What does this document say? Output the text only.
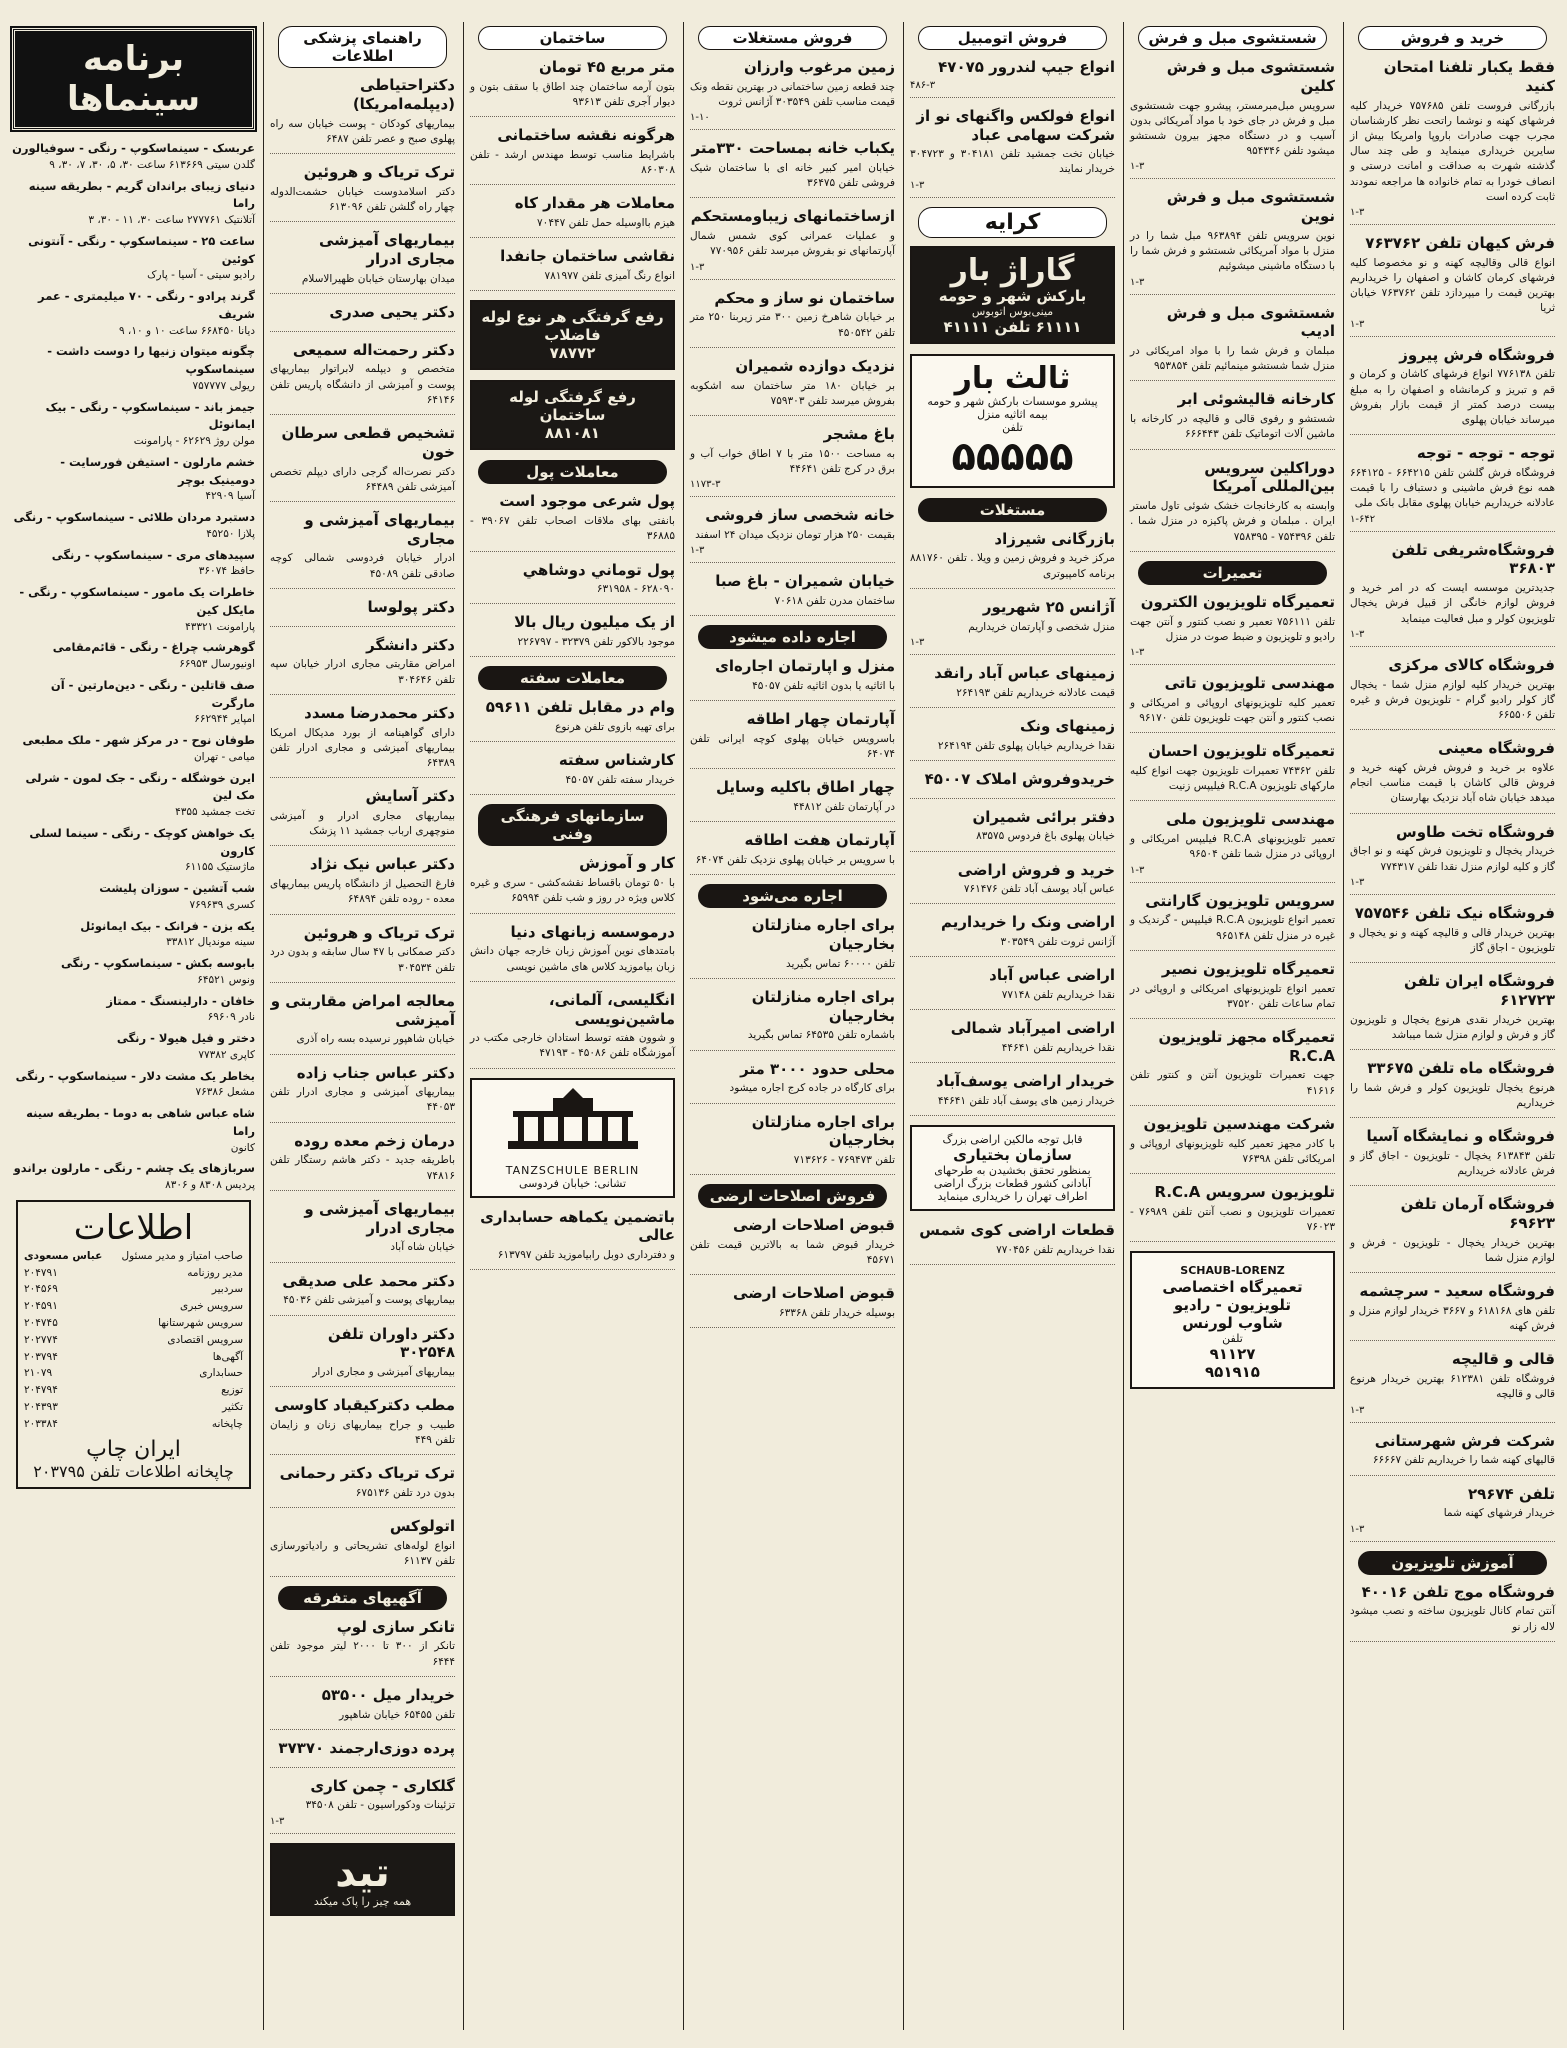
خرید و فروش
فقط یکبار تلفنا امتحان کنید

بازرگانی فروست تلفن ۷۵۷۶۸۵ خریدار کلیه فرشهای کهنه و نوشما راتحت نظر کارشناسان مجرب جهت صادرات باروپا وامریکا بیش از سایرین خریداری مینماید و طی چند سال گذشته شهرت به صداقت و امانت درستی و انصاف خودرا به تمام خانواده ها مراجعه نمودند ثابت کرده است

۱-۳
فرش کیهان تلفن ۷۶۳۷۶۲

انواع قالی وقالیچه کهنه و نو مخصوصا کلیه فرشهای کرمان کاشان و اصفهان را خریداریم بهترین قیمت را میپردازد تلفن ۷۶۳۷۶۲ خیابان ثریا

۱-۳
فروشگاه فرش پیروز

تلفن ۷۷۶۱۳۸ انواع فرشهای کاشان و کرمان و قم و تبریز و کرمانشاه و اصفهان را به مبلغ بیست درصد کمتر از قیمت بازار بفروش میرساند خیابان پهلوی

توجه - توجه - توجه

فروشگاه فرش گلشن تلفن ۶۶۴۲۱۵ - ۶۶۴۱۲۵ همه نوع فرش ماشینی و دستباف را با قیمت عادلانه خریداریم خیابان پهلوی مقابل بانک ملی

۱-۶۴۲
فروشگاه‌شریفی تلفن ۳۶۸۰۳

جدیدترین موسسه ایست که در امر خرید و فروش لوازم خانگی از قبیل فرش یخچال تلویزیون کولر و مبل فعالیت مینماید

۱-۳
فروشگاه کالای مرکزی

بهترین خریدار کلیه لوازم منزل شما - یخچال گاز کولر رادیو گرام - تلویزیون فرش و غیره تلفن ۶۶۵۵۰۶

فروشگاه معینی

علاوه بر خرید و فروش فرش کهنه خرید و فروش قالی کاشان با قیمت مناسب انجام میدهد خیابان شاه آباد نزدیک بهارستان

فروشگاه تخت طاوس

خریدار یخچال و تلویزیون فرش کهنه و نو اجاق گاز و کلیه لوازم منزل نقدا تلفن ۷۷۴۳۱۷

۱-۳
فروشگاه نیک تلفن ۷۵۷۵۴۶

بهترین خریدار قالی و قالیچه کهنه و نو یخچال و تلویزیون - اجاق گاز

فروشگاه ایران تلفن ۶۱۲۷۲۳

بهترین خریدار نقدی هرنوع یخچال و تلویزیون گاز و فرش و لوازم منزل شما میباشد

فروشگاه ماه تلفن ۳۳۶۷۵

هرنوع یخچال تلویزیون کولر و فرش شما را خریداریم

فروشگاه و نمایشگاه آسیا

تلفن ۶۱۳۸۴۳ یخچال - تلویزیون - اجاق گاز و فرش عادلانه خریداریم

فروشگاه آرمان تلفن ۶۹۶۲۳

بهترین خریدار یخچال - تلویزیون - فرش و لوازم منزل شما

فروشگاه سعید - سرچشمه

تلفن های ۶۱۸۱۶۸ و ۳۶۶۷ خریدار لوازم منزل و فرش کهنه

قالی و قالیچه

فروشگاه تلفن ۶۱۲۳۸۱ بهترین خریدار هرنوع قالی و قالیچه

۱-۳
شرکت فرش شهرستانی

قالیهای کهنه شما را خریداریم تلفن ۶۶۶۶۷

تلفن ۲۹۶۷۴

خریدار فرشهای کهنه شما

۱-۳
آموزش تلویزیون
فروشگاه موج تلفن ۴۰۰۱۶

آنتن تمام کانال تلویزیون ساخته و نصب میشود لاله زار نو

شستشوی مبل و فرش
شستشوی مبل و فرش کلین

سرویس مبل‌مبرمستر، پیشرو جهت شستشوی مبل و فرش در جای خود با مواد آمریکائی بدون آسیب و در دستگاه مجهز بیرون شستشو میشود تلفن ۹۵۴۳۴۶

۱-۳
شستشوی مبل و فرش نوین

نوین سرویس تلفن ۹۶۳۸۹۴ مبل شما را در منزل با مواد آمریکائی شستشو و فرش شما را با دستگاه ماشینی میشوئیم

۱-۳
شستشوی مبل و فرش ادیب

مبلمان و فرش شما را با مواد امریکائی در منزل شما شستشو مینمائیم تلفن ۹۵۳۸۵۴

کارخانه قالیشوئی ابر

شستشو و رفوی قالی و قالیچه در کارخانه با ماشین آلات اتوماتیک تلفن ۶۶۶۴۴۳

دوراکلین سرویس بین‌المللی آمریکا

وابسته به کارخانجات خشک شوئی تاول ماستر ایران . مبلمان و فرش پاکیزه در منزل شما . تلفن ۷۵۴۳۹۶ - ۷۵۸۳۹۵

تعمیرات
تعمیرگاه تلویزیون الکترون

تلفن ۷۵۶۱۱۱ تعمیر و نصب کنتور و آنتن جهت رادیو و تلویزیون و ضبط صوت در منزل

۱-۳
مهندسی تلویزیون تاتی

تعمیر کلیه تلویزیونهای اروپائی و امریکائی و نصب کنتور و آنتن جهت تلویزیون تلفن ۹۶۱۷۰

تعمیرگاه تلویزیون احسان

تلفن ۷۴۳۶۲ تعمیرات تلویزیون جهت انواع کلیه مارکهای تلویزیون R.C.A فیلیپس زنیت

مهندسی تلویزیون ملی

تعمیر تلویزیونهای R.C.A فیلیپس امریکائی و اروپائی در منزل شما تلفن ۹۶۵۰۴

۱-۳
سرویس تلویزیون گارانتی

تعمیر انواع تلویزیون R.C.A فیلیپس - گرندیک و غیره در منزل تلفن ۹۶۵۱۴۸

تعمیرگاه تلویزیون نصیر

تعمیر انواع تلویزیونهای امریکائی و اروپائی در تمام ساعات تلفن ۳۷۵۲۰

تعمیرگاه مجهز تلویزیون R.C.A

جهت تعمیرات تلویزیون آنتن و کنتور تلفن ۴۱۶۱۶

شرکت مهندسین تلویزیون

با کادر مجهز تعمیر کلیه تلویزیونهای اروپائی و امریکائی تلفن ۷۶۳۹۸

تلویزیون سرویس R.C.A

تعمیرات تلویزیون و نصب آنتن تلفن ۷۶۹۸۹ - ۷۶۰۲۳

SCHAUB-LORENZ
تعمیرگاه اختصاصی
تلویزیون - رادیو
شاوب لورنس
تلفن
۹۱۱۲۷
۹۵۱۹۱۵
فروش اتومبیل
انواع جیپ لندرور ۴۷۰۷۵
۴۸۶-۳
انواع فولکس واگنهای نو از شرکت سهامی عباد

خیابان تخت جمشید تلفن ۳۰۴۱۸۱ و ۳۰۴۷۲۳ خریدار نمایند

۱-۳
کرایه
گاراژ بار
بارکش شهر و حومه
مینی‌بوس اتوبوس
۶۱۱۱۱ تلفن ۴۱۱۱۱
ثالث بار
پیشرو موسسات بارکش شهر و حومه
بیمه اثاثیه منزل
تلفن
۵۵۵۵۵
مستغلات
بازرگانی شیرزاد

مرکز خرید و فروش زمین و ویلا . تلفن ۸۸۱۷۶۰ برنامه کامپیوتری

آژانس ۲۵ شهریور

منزل شخصی و آپارتمان خریداریم

۱-۳
زمینهای عباس آباد رانقد

قیمت عادلانه خریداریم تلفن ۲۶۴۱۹۳

زمینهای ونک

نقدا خریداریم خیابان پهلوی تلفن ۲۶۴۱۹۴

خریدوفروش املاک ۴۵۰۰۷
دفتر برائی شمیران

خیابان پهلوی باغ فردوس ۸۳۵۷۵

خرید و فروش اراضی

عباس آباد یوسف آباد تلفن ۷۶۱۴۷۶

اراضی ونک را خریداریم

آژانس ثروت تلفن ۳۰۳۵۴۹

اراضی عباس آباد

نقدا خریداریم تلفن ۷۷۱۴۸

اراضی امیرآباد شمالی

نقدا خریداریم تلفن ۴۴۶۴۱

خریدار اراضی یوسف‌آباد

خریدار زمین های یوسف آباد تلفن ۴۴۶۴۱

قابل توجه مالکین اراضی بزرگ
سازمان بختیاری
بمنظور تحقق بخشیدن به طرحهای آبادانی کشور قطعات بزرگ اراضی اطراف تهران را خریداری مینماید
قطعات اراضی کوی شمس

نقدا خریداریم تلفن ۷۷۰۴۵۶

فروش مستغلات
زمین مرغوب وارزان

چند قطعه زمین ساختمانی در بهترین نقطه ونک قیمت مناسب تلفن ۳۰۳۵۴۹ آژانس ثروت

۱-۱۰
یکباب خانه بمساحت ۳۳۰متر

خیابان امیر کبیر خانه ای با ساختمان شیک فروشی تلفن ۳۶۴۷۵

ازساختمانهای زیباومستحکم

و عملیات عمرانی کوی شمس شمال آپارتمانهای نو بفروش میرسد تلفن ۷۷۰۹۵۶

۱-۳
ساختمان نو ساز و محکم

بر خیابان شاهرخ زمین ۳۰۰ متر زیربنا ۲۵۰ متر تلفن ۴۵۰۵۴۲

نزدیک دوازده شمیران

بر خیابان ۱۸۰ متر ساختمان سه اشکوبه بفروش میرسد تلفن ۷۵۹۳۰۳

باغ مشجر

به مساحت ۱۵۰۰ متر با ۷ اطاق خواب آب و برق در کرج تلفن ۴۴۶۴۱

۱۱۷۳-۳
خانه شخصی ساز فروشی

بقیمت ۲۵۰ هزار تومان نزدیک میدان ۲۴ اسفند

۱-۳
خیابان شمیران - باغ صبا

ساختمان مدرن تلفن ۷۰۶۱۸

اجاره داده میشود
منزل و اپارتمان اجاره‌ای

با اثاثیه یا بدون اثاثیه تلفن ۴۵۰۵۷

آپارتمان چهار اطاقه

باسرویس خیابان پهلوی کوچه ایرانی تلفن ۶۴۰۷۴

چهار اطاق باکلیه وسایل

در آپارتمان تلفن ۴۴۸۱۲

آپارتمان هفت اطاقه

با سرویس بر خیابان پهلوی نزدیک تلفن ۶۴۰۷۴

اجاره می‌شود
برای اجاره منازلتان بخارجیان

تلفن ۶۰۰۰۰ تماس بگیرید

برای اجاره منازلتان بخارجیان

باشماره تلفن ۶۴۵۳۵ تماس بگیرید

محلی حدود ۳۰۰۰ متر

برای کارگاه در جاده کرج اجاره میشود

برای اجاره منازلتان بخارجیان

تلفن ۷۶۹۴۷۳ - ۷۱۳۶۲۶

فروش اصلاحات ارضی
قبوض اصلاحات ارضی

خریدار قبوض شما به بالاترین قیمت تلفن ۴۵۶۷۱

قبوض اصلاحات ارضی

بوسیله خریدار تلفن ۶۳۳۶۸

ساختمان
متر مربع ۴۵ تومان

بتون آرمه ساختمان چند اطاق با سقف بتون و دیوار آجری تلفن ۹۳۶۱۳

هرگونه نقشه ساختمانی

باشرایط مناسب توسط مهندس ارشد - تلفن ۸۶۰۳۰۸

معاملات هر مقدار کاه

هیزم بااوسیله حمل تلفن ۷۰۴۴۷

نقاشی ساختمان جانفدا

انواع رنگ آمیزی تلفن ۷۸۱۹۷۷

رفع گرفتگی هر نوع لوله فاضلاب
۷۸۷۷۲
رفع گرفتگی لوله ساختمان
۸۸۱۰۸۱
معاملات پول
پول شرعی موجود است

بانفتی بهای ملاقات اصحاب تلفن ۳۹۰۶۷ - ۳۶۸۸۵

پول توماني دوشاهي

۶۲۸۰۹۰ - ۶۳۱۹۵۸

از یک میلیون ریال بالا

موجود بالاکور تلفن ۳۲۳۷۹ - ۲۲۶۷۹۷

معاملات سفته
وام در مقابل تلفن ۵۹۶۱۱

برای تهیه بازوی تلفن هرنوع

کارشناس سفته

خریدار سفته تلفن ۴۵۰۵۷

سازمانهای فرهنگی وفنی
کار و آموزش

با ۵۰ تومان باقساط نقشه‌کشی - سری و غیره کلاس ویژه در روز و شب تلفن ۶۵۹۹۴

درموسسه زبانهای دنیا

بامتدهای نوین آموزش زبان خارجه جهان دانش زبان بیاموزید کلاس های ماشین نویسی

انگلیسی، آلمانی، ماشین‌نویسی

و شوون هفته توسط استادان خارجی مکتب در آموزشگاه تلفن ۴۵۰۸۶ - ۴۷۱۹۳

TANZSCHULE BERLIN
تشانی: خیابان فردوسی
باتضمین یکماهه حسابداری عالی

و دفترداری دوبل رابیاموزید تلفن ۶۱۳۷۹۷

راهنمای پزشکی اطلاعات
دکتراحتیاطی (دیپلمه‌امریکا)

بیماریهای کودکان - پوست خیابان سه راه پهلوی صبح و عصر تلفن ۶۴۸۷

ترک تریاک و هروئین

دکتر اسلامدوست خیابان حشمت‌الدوله چهار راه گلشن تلفن ۶۱۳۰۹۶

بیماریهای آمیزشی مجاری ادرار

میدان بهارستان خیابان ظهیرالاسلام

دکتر یحیی صدری
دکتر رحمت‌اله سمیعی

متخصص و دیپلمه لابراتوار بیماریهای پوست و آمیزشی از دانشگاه پاریس تلفن ۶۴۱۴۶

تشخیص قطعی سرطان خون

دکتر نصرت‌اله گرجی دارای دیپلم تخصص آمیزشی تلفن ۶۴۴۸۹

بیماریهای آمیزشی و مجاری

ادرار خیابان فردوسی شمالی کوچه صادقی تلفن ۴۵۰۸۹

دکتر پولوسا
دکتر دانشگر

امراض مقاربتی مجاری ادرار خیابان سپه تلفن ۳۰۴۶۴۶

دکتر محمدرضا مسدد

دارای گواهینامه از بورد مدیکال امریکا بیماریهای آمیزشی و مجاری ادرار تلفن ۶۴۳۸۹

دکتر آسایش

بیماریهای مجاری ادرار و آمیزشی منوچهری ارباب جمشید ۱۱ پزشک

دکتر عباس نیک نژاد

فارغ التحصیل از دانشگاه پاریس بیماریهای معده - روده تلفن ۶۴۸۹۴

ترک تریاک و هروئین

دکتر صمکانی با ۴۷ سال سابقه و بدون درد تلفن ۳۰۴۵۳۴

معالجه امراض مقاربتی و آمیزشی

خیابان شاهپور نرسیده بسه راه آذری

دکتر عباس جناب زاده

بیماریهای آمیزشی و مجاری ادرار تلفن ۴۴۰۵۳

درمان زخم معده روده

باطریقه جدید - دکتر هاشم رستگار تلفن ۷۴۸۱۶

بیماریهای آمیزشی و مجاری ادرار

خیابان شاه آباد

دکتر محمد علی صدیقی

بیماریهای پوست و آمیزشی تلفن ۴۵۰۳۶

دکتر داوران تلفن ۳۰۲۵۴۸

بیماریهای آمیزشی و مجاری ادرار

مطب دکترکیقباد کاوسی

طبیب و جراح بیماریهای زنان و زایمان تلفن ۴۴۹

ترک تریاک دکتر رحمانی

بدون درد تلفن ۶۷۵۱۳۶

اتولوکس

انواع لوله‌های تشریحاتی و رادیاتورسازی تلفن ۶۱۱۳۷

آگهیهای متفرقه
تانکر سازی لوپ

تانکر از ۳۰۰ تا ۲۰۰۰ لیتر موجود تلفن ۶۴۴۴

خریدار میل ۵۳۵۰۰

تلفن ۶۵۴۵۵ خیابان شاهپور

پرده دوزی‌ارجمند ۳۷۳۷۰
گلکاری - چمن کاری

تزئینات ودکوراسیون - تلفن ۳۴۵۰۸

۱-۳
تید
همه چیز را پاک میکند
برنامه سینماها

عربسک - سینماسکوپ - رنگی - سوفیالورن
گلدن سیتی ۶۱۳۶۶۹ ساعت ۳۰، ۵، ۳۰، ۷، ۳۰، ۹

دنیای زیبای براندان گریم - بطریقه سینه راما
آتلانتیک ۲۷۷۷۶۱ ساعت ۳۰، ۱۱ - ۳۰، ۳

ساعت ۲۵ - سینماسکوپ - رنگی - آنتونی کوئین
رادیو سیتی - آسیا - پارک

گرند پرادو - رنگی - ۷۰ میلیمتری - عمر شریف
دیانا ۶۶۸۴۵۰ ساعت ۱۰ و ۱۰، ۹

چگونه میتوان زنیها را دوست داشت - سینماسکوپ
ریولی ۷۵۷۷۷۷

جیمز باند - سینماسکوپ - رنگی - بیک ایمانوئل
مولن روژ ۶۲۶۲۹ - پارامونت

خشم مارلون - استیفن فورسایت - دومینیک بوچر
آسیا ۴۲۹۰۹

دستبرد مردان طلائی - سینماسکوپ - رنگی
پلازا ۴۵۲۵۰

سپیدهای مری - سینماسکوپ - رنگی
حافظ ۳۶۰۷۴

خاطرات یک مامور - سینماسکوپ - رنگی - مایکل کین
پارامونت ۴۳۳۲۱

گوهرشب چراغ - رنگی - قائم‌مقامی
اونیورسال ۶۶۹۵۳

صف قاتلین - رنگی - دین‌مارتین - آن مارگرت
امپایر ۶۶۲۹۴۴

طوفان نوح - در مرکز شهر - ملک مطبعی
میامی - تهران

ایرن خوشگله - رنگی - جک لمون - شرلی مک لین
تخت جمشید ۴۳۵۵

یک خواهش کوچک - رنگی - سینما لسلی کارون
ماژستیک ۶۱۱۵۵

شب آتشین - سوزان پلیشت
کسری ۷۶۹۶۳۹

یکه بزن - فرانک - بیک ایمانوئل
سینه موندیال ۳۳۸۱۲

بابوسه بکش - سینماسکوپ - رنگی
ونوس ۶۴۵۲۱

خافان - دارلینسنگ - ممتاز
نادر ۶۹۶۰۹

دختر و فیل هیولا - رنگی
کاپری ۷۷۳۸۲

بخاطر یک مشت دلار - سینماسکوپ - رنگی
مشعل ۷۶۳۸۶

شاه عباس شاهی به دوما - بطریقه سینه راما
کانون

سربازهای یک چشم - رنگی - مارلون براندو
پردیس ۸۳۰۸ و ۸۳۰۶

اطلاعات
صاحب امتیاز و مدیر مسئول
عباس مسعودی
مدیر روزنامه
۲۰۴۷۹۱
سردبیر
۲۰۴۵۶۹
سرویس خبری
۲۰۴۵۹۱
سرویس شهرستانها
۲۰۴۷۴۵
سرویس اقتصادی
۲۰۲۷۷۴
آگهی‌ها
۲۰۳۷۹۴
حسابداری
۲۱۰۷۹
توزیع
۲۰۴۷۹۴
تکثیر
۲۰۴۳۹۳
چاپخانه
۲۰۳۳۸۴
ایران چاپ
چاپخانه اطلاعات تلفن ۲۰۳۷۹۵
